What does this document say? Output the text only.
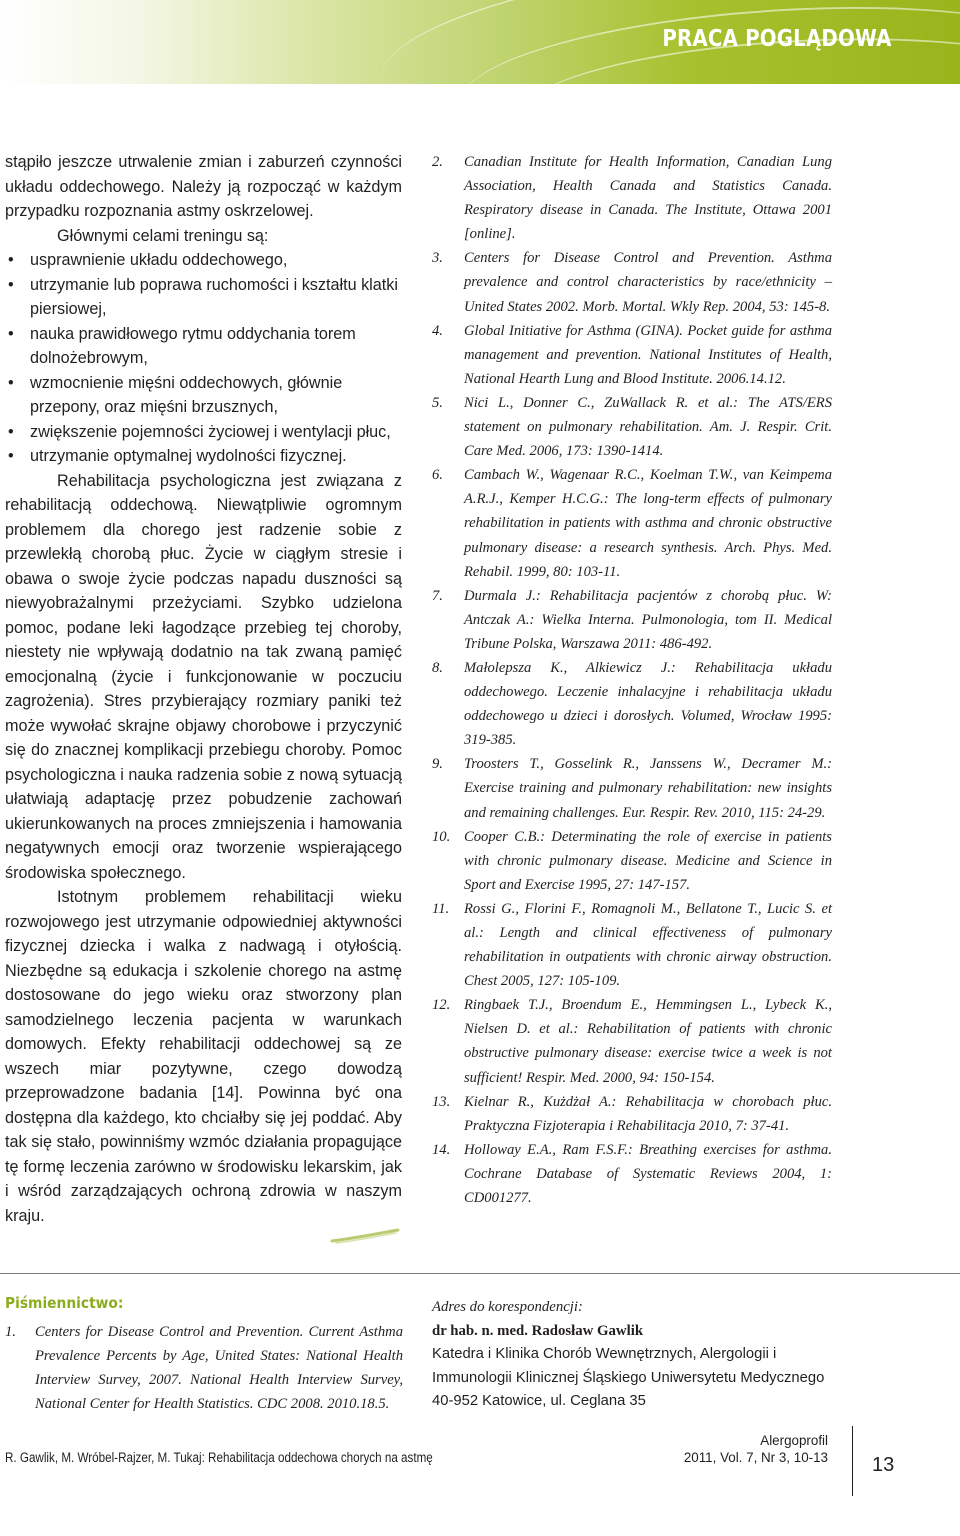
PRACA POGLĄDOWA

stąpiło jeszcze utrwalenie zmian i zaburzeń czynności układu oddechowego. Należy ją rozpocząć w każdym przypadku rozpoznania astmy oskrzelowej.

Głównymi celami treningu są:

• usprawnienie układu oddechowego,
• utrzymanie lub poprawa ruchomości i kształtu klatki piersiowej,
• nauka prawidłowego rytmu oddychania torem dolnożebrowym,
• wzmocnienie mięśni oddechowych, głównie przepony, oraz mięśni brzusznych,
• zwiększenie pojemności życiowej i wentylacji płuc,
• utrzymanie optymalnej wydolności fizycznej.

Rehabilitacja psychologiczna jest związana z rehabilitacją oddechową. Niewątpliwie ogromnym problemem dla chorego jest radzenie sobie z przewlekłą chorobą płuc. Życie w ciągłym stresie i obawa o swoje życie podczas napadu duszności są niewyobrażalnymi przeżyciami. Szybko udzielona pomoc, podane leki łagodzące przebieg tej choroby, niestety nie wpływają dodatnio na tak zwaną pamięć emocjonalną (życie i funkcjonowanie w poczuciu zagrożenia). Stres przybierający rozmiary paniki też może wywołać skrajne objawy chorobowe i przyczynić się do znacznej komplikacji przebiegu choroby. Pomoc psychologiczna i nauka radzenia sobie z nową sytuacją ułatwiają adaptację przez pobudzenie zachowań ukierunkowanych na proces zmniejszenia i hamowania negatywnych emocji oraz tworzenie wspierającego środowiska społecznego.

Istotnym problemem rehabilitacji wieku rozwojowego jest utrzymanie odpowiedniej aktywności fizycznej dziecka i walka z nadwagą i otyłością. Niezbędne są edukacja i szkolenie chorego na astmę dostosowane do jego wieku oraz stworzony plan samodzielnego leczenia pacjenta w warunkach domowych. Efekty rehabilitacji oddechowej są ze wszech miar pozytywne, czego dowodzą przeprowadzone badania [14]. Powinna być ona dostępna dla każdego, kto chciałby się jej poddać. Aby tak się stało, powinniśmy wzmóc działania propagujące tę formę leczenia zarówno w środowisku lekarskim, jak i wśród zarządzających ochroną zdrowia w naszym kraju.

2. Canadian Institute for Health Information, Canadian Lung Association, Health Canada and Statistics Canada. Respiratory disease in Canada. The Institute, Ottawa 2001 [online].
3. Centers for Disease Control and Prevention. Asthma prevalence and control characteristics by race/ethnicity – United States 2002. Morb. Mortal. Wkly Rep. 2004, 53: 145-8.
4. Global Initiative for Asthma (GINA). Pocket guide for asthma management and prevention. National Institutes of Health, National Hearth Lung and Blood Institute. 2006.14.12.
5. Nici L., Donner C., ZuWallack R. et al.: The ATS/ERS statement on pulmonary rehabilitation. Am. J. Respir. Crit. Care Med. 2006, 173: 1390-1414.
6. Cambach W., Wagenaar R.C., Koelman T.W., van Keimpema A.R.J., Kemper H.C.G.: The long-term effects of pulmonary rehabilitation in patients with asthma and chronic obstructive pulmonary disease: a research synthesis. Arch. Phys. Med. Rehabil. 1999, 80: 103-11.
7. Durmala J.: Rehabilitacja pacjentów z chorobą płuc. W: Antczak A.: Wielka Interna. Pulmonologia, tom II. Medical Tribune Polska, Warszawa 2011: 486-492.
8. Małolepsza K., Alkiewicz J.: Rehabilitacja układu oddechowego. Leczenie inhalacyjne i rehabilitacja układu oddechowego u dzieci i dorosłych. Volumed, Wrocław 1995: 319-385.
9. Troosters T., Gosselink R., Janssens W., Decramer M.: Exercise training and pulmonary rehabilitation: new insights and remaining challenges. Eur. Respir. Rev. 2010, 115: 24-29.
10. Cooper C.B.: Determinating the role of exercise in patients with chronic pulmonary disease. Medicine and Science in Sport and Exercise 1995, 27: 147-157.
11. Rossi G., Florini F., Romagnoli M., Bellatone T., Lucic S. et al.: Length and clinical effectiveness of pulmonary rehabilitation in outpatients with chronic airway obstruction. Chest 2005, 127: 105-109.
12. Ringbaek T.J., Broendum E., Hemmingsen L., Lybeck K., Nielsen D. et al.: Rehabilitation of patients with chronic obstructive pulmonary disease: exercise twice a week is not sufficient! Respir. Med. 2000, 94: 150-154.
13. Kielnar R., Kużdżał A.: Rehabilitacja w chorobach płuc. Praktyczna Fizjoterapia i Rehabilitacja 2010, 7: 37-41.
14. Holloway E.A., Ram F.S.F.: Breathing exercises for asthma. Cochrane Database of Systematic Reviews 2004, 1: CD001277.
Piśmiennictwo:
1. Centers for Disease Control and Prevention. Current Asthma Prevalence Percents by Age, United States: National Health Interview Survey, 2007. National Health Interview Survey, National Center for Health Statistics. CDC 2008. 2010.18.5.
Adres do korespondencji:
dr hab. n. med. Radosław Gawlik
Katedra i Klinika Chorób Wewnętrznych, Alergologii i Immunologii Klinicznej Śląskiego Uniwersytetu Medycznego
40-952 Katowice, ul. Ceglana 35
R. Gawlik, M. Wróbel-Rajzer, M. Tukaj: Rehabilitacja oddechowa chorych na astmę
Alergoprofil
2011, Vol. 7, Nr 3, 10-13 13
